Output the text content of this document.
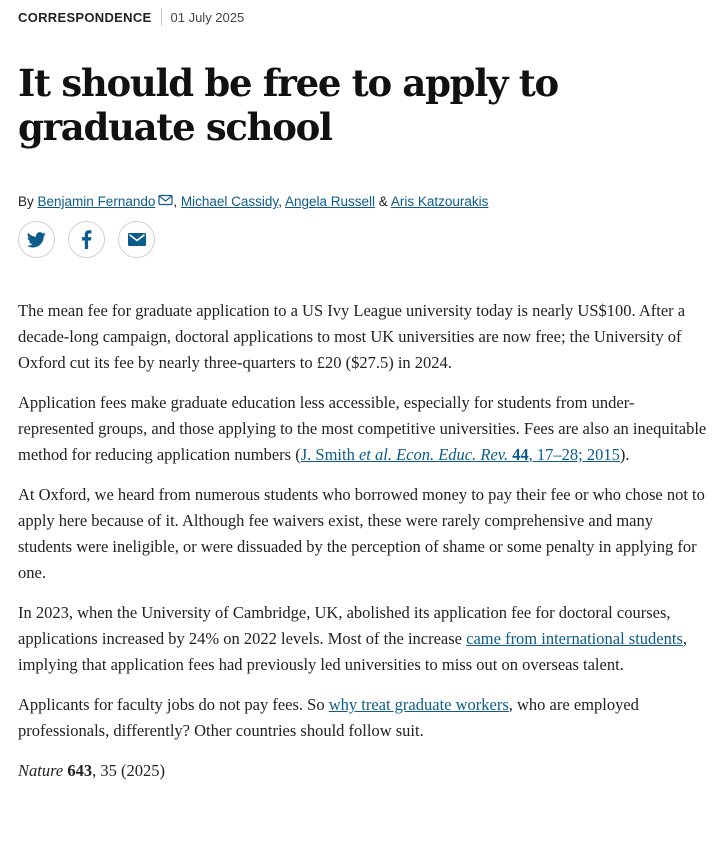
CORRESPONDENCE 01 July 2025
It should be free to apply to graduate school
By Benjamin Fernando , Michael Cassidy, Angela Russell & Aris Katzourakis

The mean fee for graduate application to a US Ivy League university today is nearly US$100. After a decade-long campaign, doctoral applications to most UK universities are now free; the University of Oxford cut its fee by nearly three-quarters to £20 ($27.5) in 2024.

Application fees make graduate education less accessible, especially for students from under-represented groups, and those applying to the most competitive universities. Fees are also an inequitable method for reducing application numbers (J. Smith et al. Econ. Educ. Rev. 44, 17–28; 2015).

At Oxford, we heard from numerous students who borrowed money to pay their fee or who chose not to apply here because of it. Although fee waivers exist, these were rarely comprehensive and many students were ineligible, or were dissuaded by the perception of shame or some penalty in applying for one.

In 2023, when the University of Cambridge, UK, abolished its application fee for doctoral courses, applications increased by 24% on 2022 levels. Most of the increase came from international students, implying that application fees had previously led universities to miss out on overseas talent.

Applicants for faculty jobs do not pay fees. So why treat graduate workers, who are employed professionals, differently? Other countries should follow suit.

Nature 643, 35 (2025)
